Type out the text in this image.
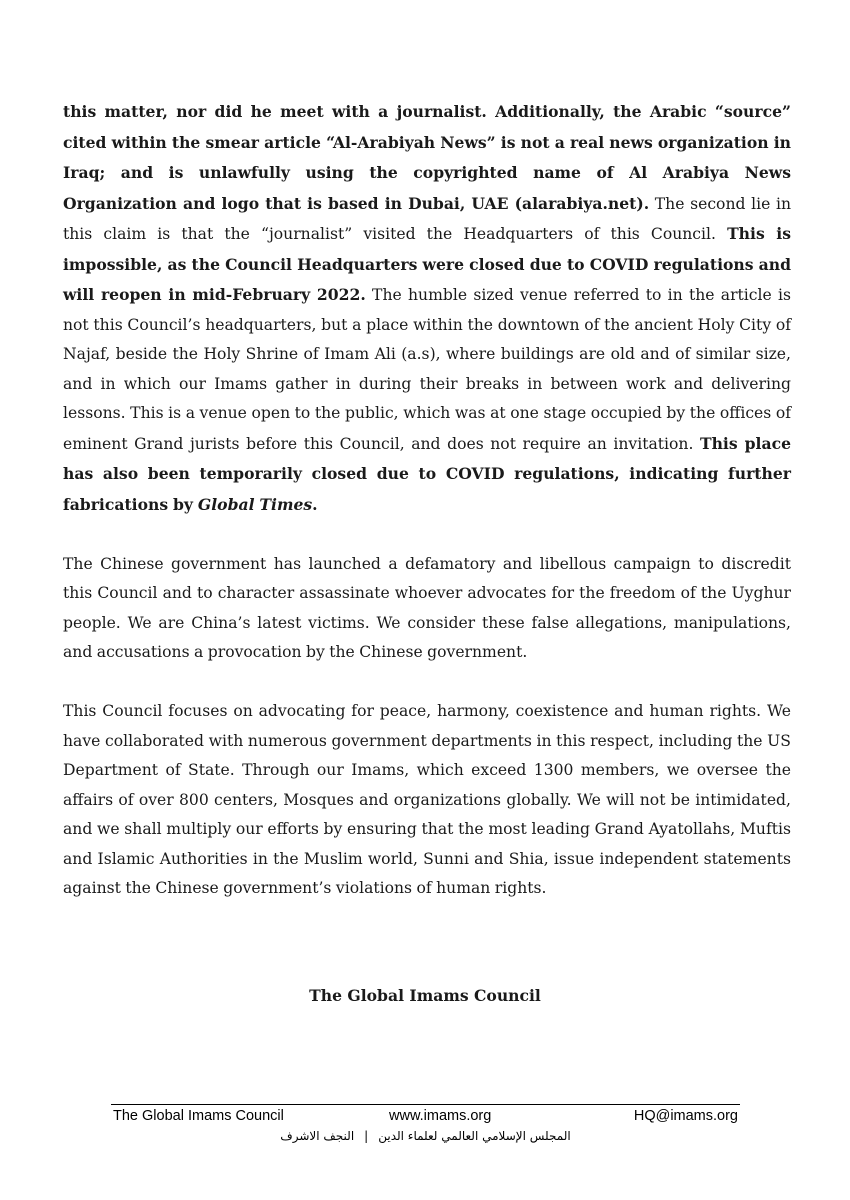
this matter, nor did he meet with a journalist. Additionally, the Arabic “source” cited within the smear article “Al-Arabiyah News” is not a real news organization in Iraq; and is unlawfully using the copyrighted name of Al Arabiya News Organization and logo that is based in Dubai, UAE (alarabiya.net). The second lie in this claim is that the “journalist” visited the Headquarters of this Council. This is impossible, as the Council Headquarters were closed due to COVID regulations and will reopen in mid-February 2022. The humble sized venue referred to in the article is not this Council’s headquarters, but a place within the downtown of the ancient Holy City of Najaf, beside the Holy Shrine of Imam Ali (a.s), where buildings are old and of similar size, and in which our Imams gather in during their breaks in between work and delivering lessons. This is a venue open to the public, which was at one stage occupied by the offices of eminent Grand jurists before this Council, and does not require an invitation. This place has also been temporarily closed due to COVID regulations, indicating further fabrications by Global Times.

The Chinese government has launched a defamatory and libellous campaign to discredit this Council and to character assassinate whoever advocates for the freedom of the Uyghur people. We are China’s latest victims. We consider these false allegations, manipulations, and accusations a provocation by the Chinese government.

This Council focuses on advocating for peace, harmony, coexistence and human rights. We have collaborated with numerous government departments in this respect, including the US Department of State. Through our Imams, which exceed 1300 members, we oversee the affairs of over 800 centers, Mosques and organizations globally. We will not be intimidated, and we shall multiply our efforts by ensuring that the most leading Grand Ayatollahs, Muftis and Islamic Authorities in the Muslim world, Sunni and Shia, issue independent statements against the Chinese government’s violations of human rights.

The Global Imams Council
The Global Imams Council	www.imams.org	HQ@imams.org
المجلس الإسلامي العالمي لعلماء الدين|النجف الاشرف
